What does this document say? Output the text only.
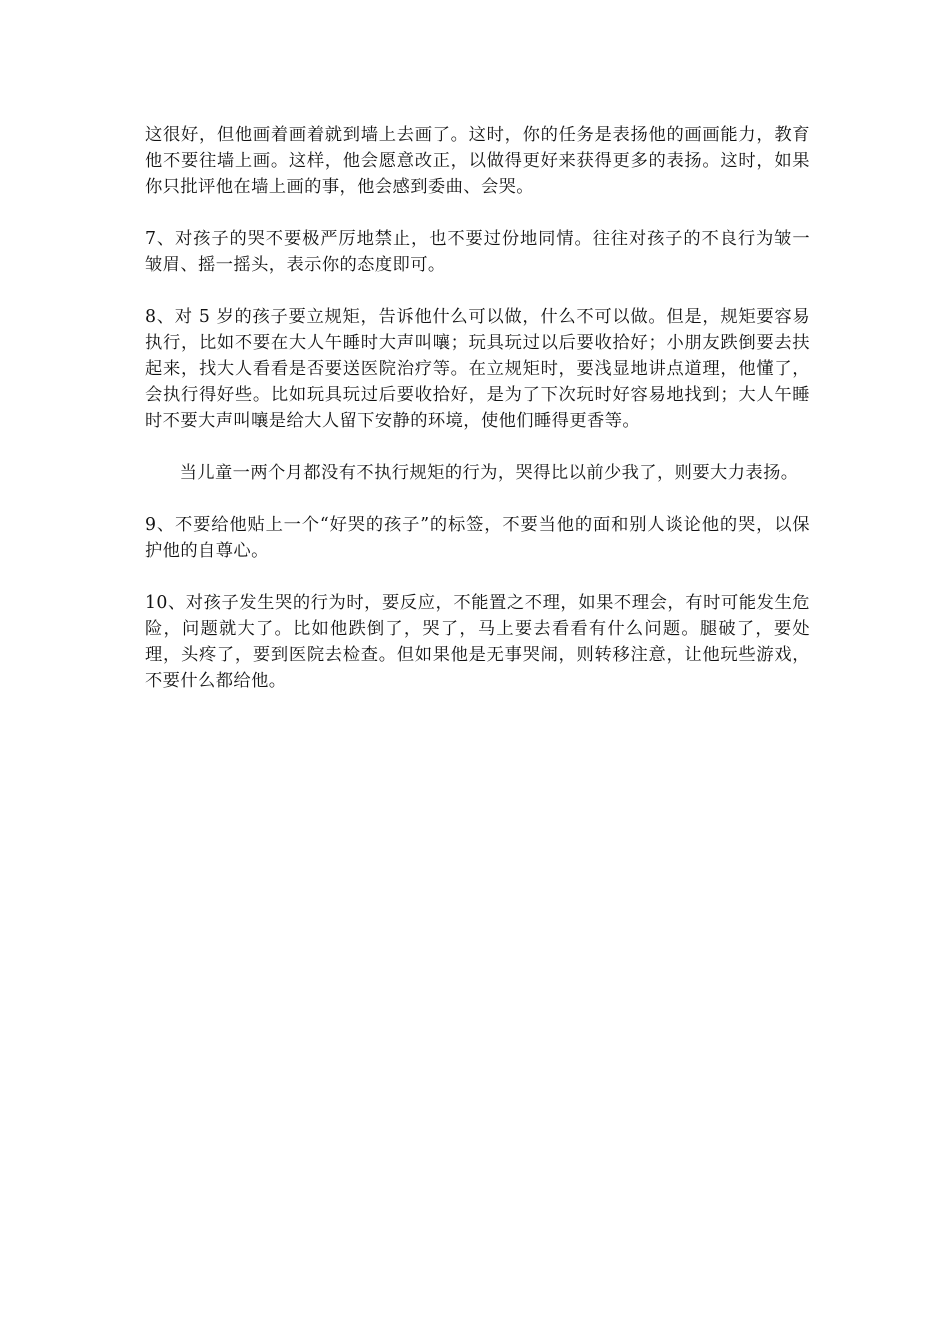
这很好，但他画着画着就到墙上去画了。这时，你的任务是表扬他的画画能力，教育他不要往墙上画。这样，他会愿意改正，以做得更好来获得更多的表扬。这时，如果你只批评他在墙上画的事，他会感到委曲、会哭。

7、对孩子的哭不要极严厉地禁止，也不要过份地同情。往往对孩子的不良行为皱一皱眉、摇一摇头，表示你的态度即可。

8、对 5 岁的孩子要立规矩，告诉他什么可以做，什么不可以做。但是，规矩要容易执行，比如不要在大人午睡时大声叫嚷；玩具玩过以后要收拾好；小朋友跌倒要去扶起来，找大人看看是否要送医院治疗等。在立规矩时，要浅显地讲点道理，他懂了，会执行得好些。比如玩具玩过后要收拾好，是为了下次玩时好容易地找到；大人午睡时不要大声叫嚷是给大人留下安静的环境，使他们睡得更香等。

当儿童一两个月都没有不执行规矩的行为，哭得比以前少我了，则要大力表扬。

9、不要给他贴上一个“好哭的孩子”的标签，不要当他的面和别人谈论他的哭，以保护他的自尊心。

10、对孩子发生哭的行为时，要反应，不能置之不理，如果不理会，有时可能发生危险，问题就大了。比如他跌倒了，哭了，马上要去看看有什么问题。腿破了，要处理，头疼了，要到医院去检查。但如果他是无事哭闹，则转移注意，让他玩些游戏，不要什么都给他。
